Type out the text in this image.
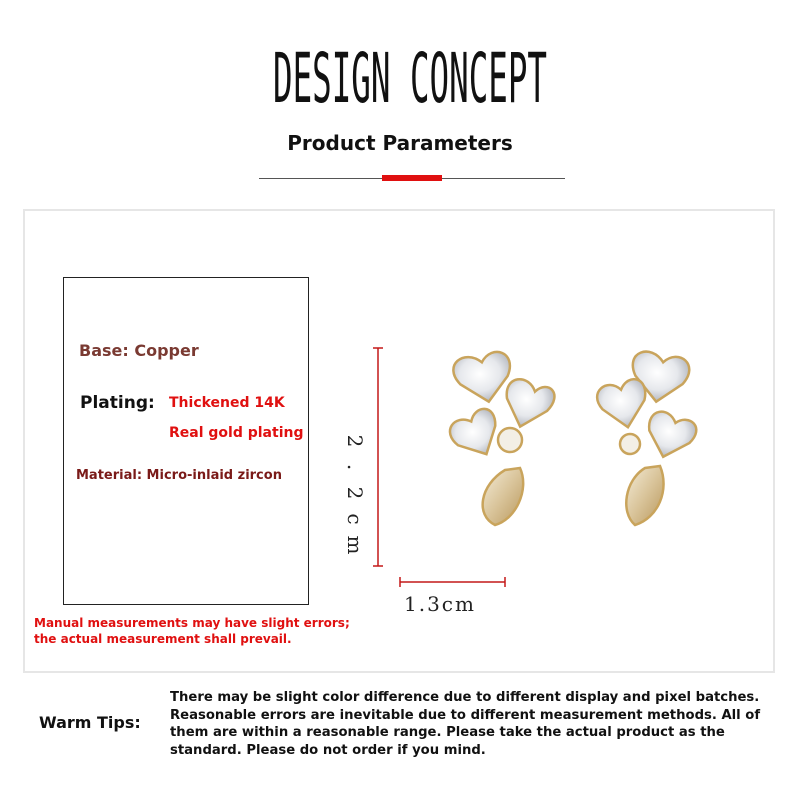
DESIGN CONCEPT
Product Parameters
Base: Copper
Plating: Thickened 14K
Real gold plating
Material: Micro-inlaid zircon
Manual measurements may have slight errors; the actual measurement shall prevail.
2
.
2
c
m
1.3cm
Warm Tips:
There may be slight color difference due to different display and pixel batches. Reasonable errors are inevitable due to different measurement methods. All of them are within a reasonable range. Please take the actual product as the standard. Please do not order if you mind.
